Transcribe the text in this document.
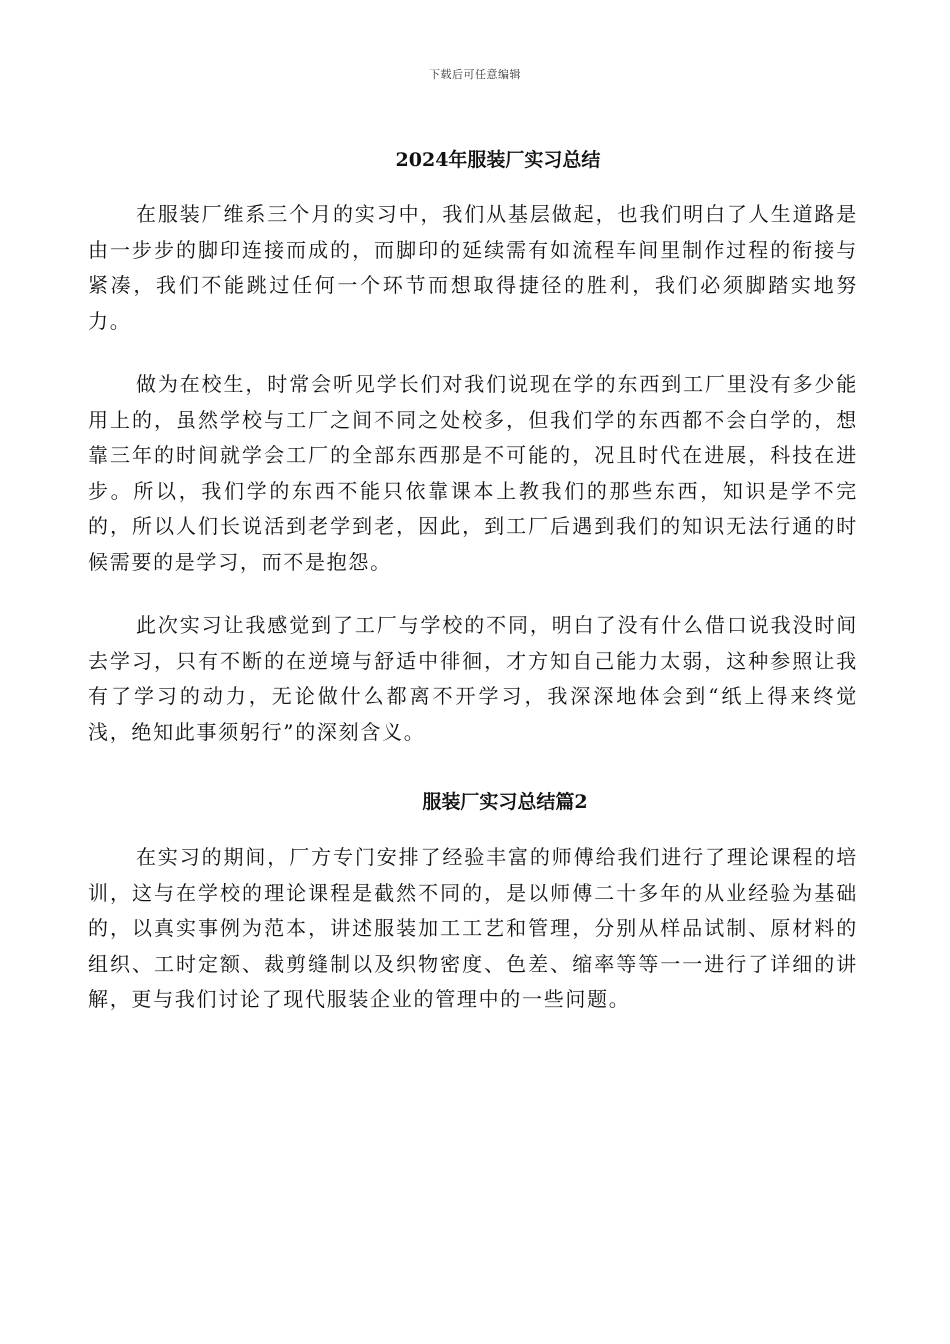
下载后可任意编辑
2024年服装厂实习总结

在服装厂维系三个月的实习中，我们从基层做起，也我们明白了人生道路是由一步步的脚印连接而成的，而脚印的延续需有如流程车间里制作过程的衔接与紧凑，我们不能跳过任何一个环节而想取得捷径的胜利，我们必须脚踏实地努力。

做为在校生，时常会听见学长们对我们说现在学的东西到工厂里没有多少能用上的，虽然学校与工厂之间不同之处校多，但我们学的东西都不会白学的，想靠三年的时间就学会工厂的全部东西那是不可能的，况且时代在进展，科技在进步。所以，我们学的东西不能只依靠课本上教我们的那些东西，知识是学不完的，所以人们长说活到老学到老，因此，到工厂后遇到我们的知识无法行通的时候需要的是学习，而不是抱怨。

此次实习让我感觉到了工厂与学校的不同，明白了没有什么借口说我没时间去学习，只有不断的在逆境与舒适中徘徊，才方知自己能力太弱，这种参照让我有了学习的动力，无论做什么都离不开学习，我深深地体会到“纸上得来终觉浅，绝知此事须躬行”的深刻含义。

服装厂实习总结篇2

在实习的期间，厂方专门安排了经验丰富的师傅给我们进行了理论课程的培训，这与在学校的理论课程是截然不同的，是以师傅二十多年的从业经验为基础的，以真实事例为范本，讲述服装加工工艺和管理，分别从样品试制、原材料的组织、工时定额、裁剪缝制以及织物密度、色差、缩率等等一一进行了详细的讲解，更与我们讨论了现代服装企业的管理中的一些问题。
